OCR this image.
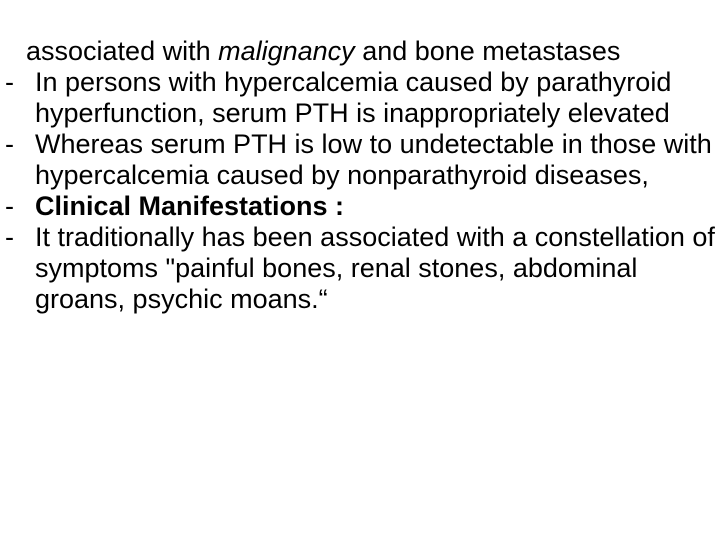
associated with malignancy and bone metastases
- In persons with hypercalcemia caused by parathyroid hyperfunction, serum PTH is inappropriately elevated
- Whereas serum PTH is low to undetectable in those with hypercalcemia caused by nonparathyroid diseases,
- Clinical Manifestations :
- It traditionally has been associated with a constellation of symptoms "painful bones, renal stones, abdominal groans, psychic moans.“
